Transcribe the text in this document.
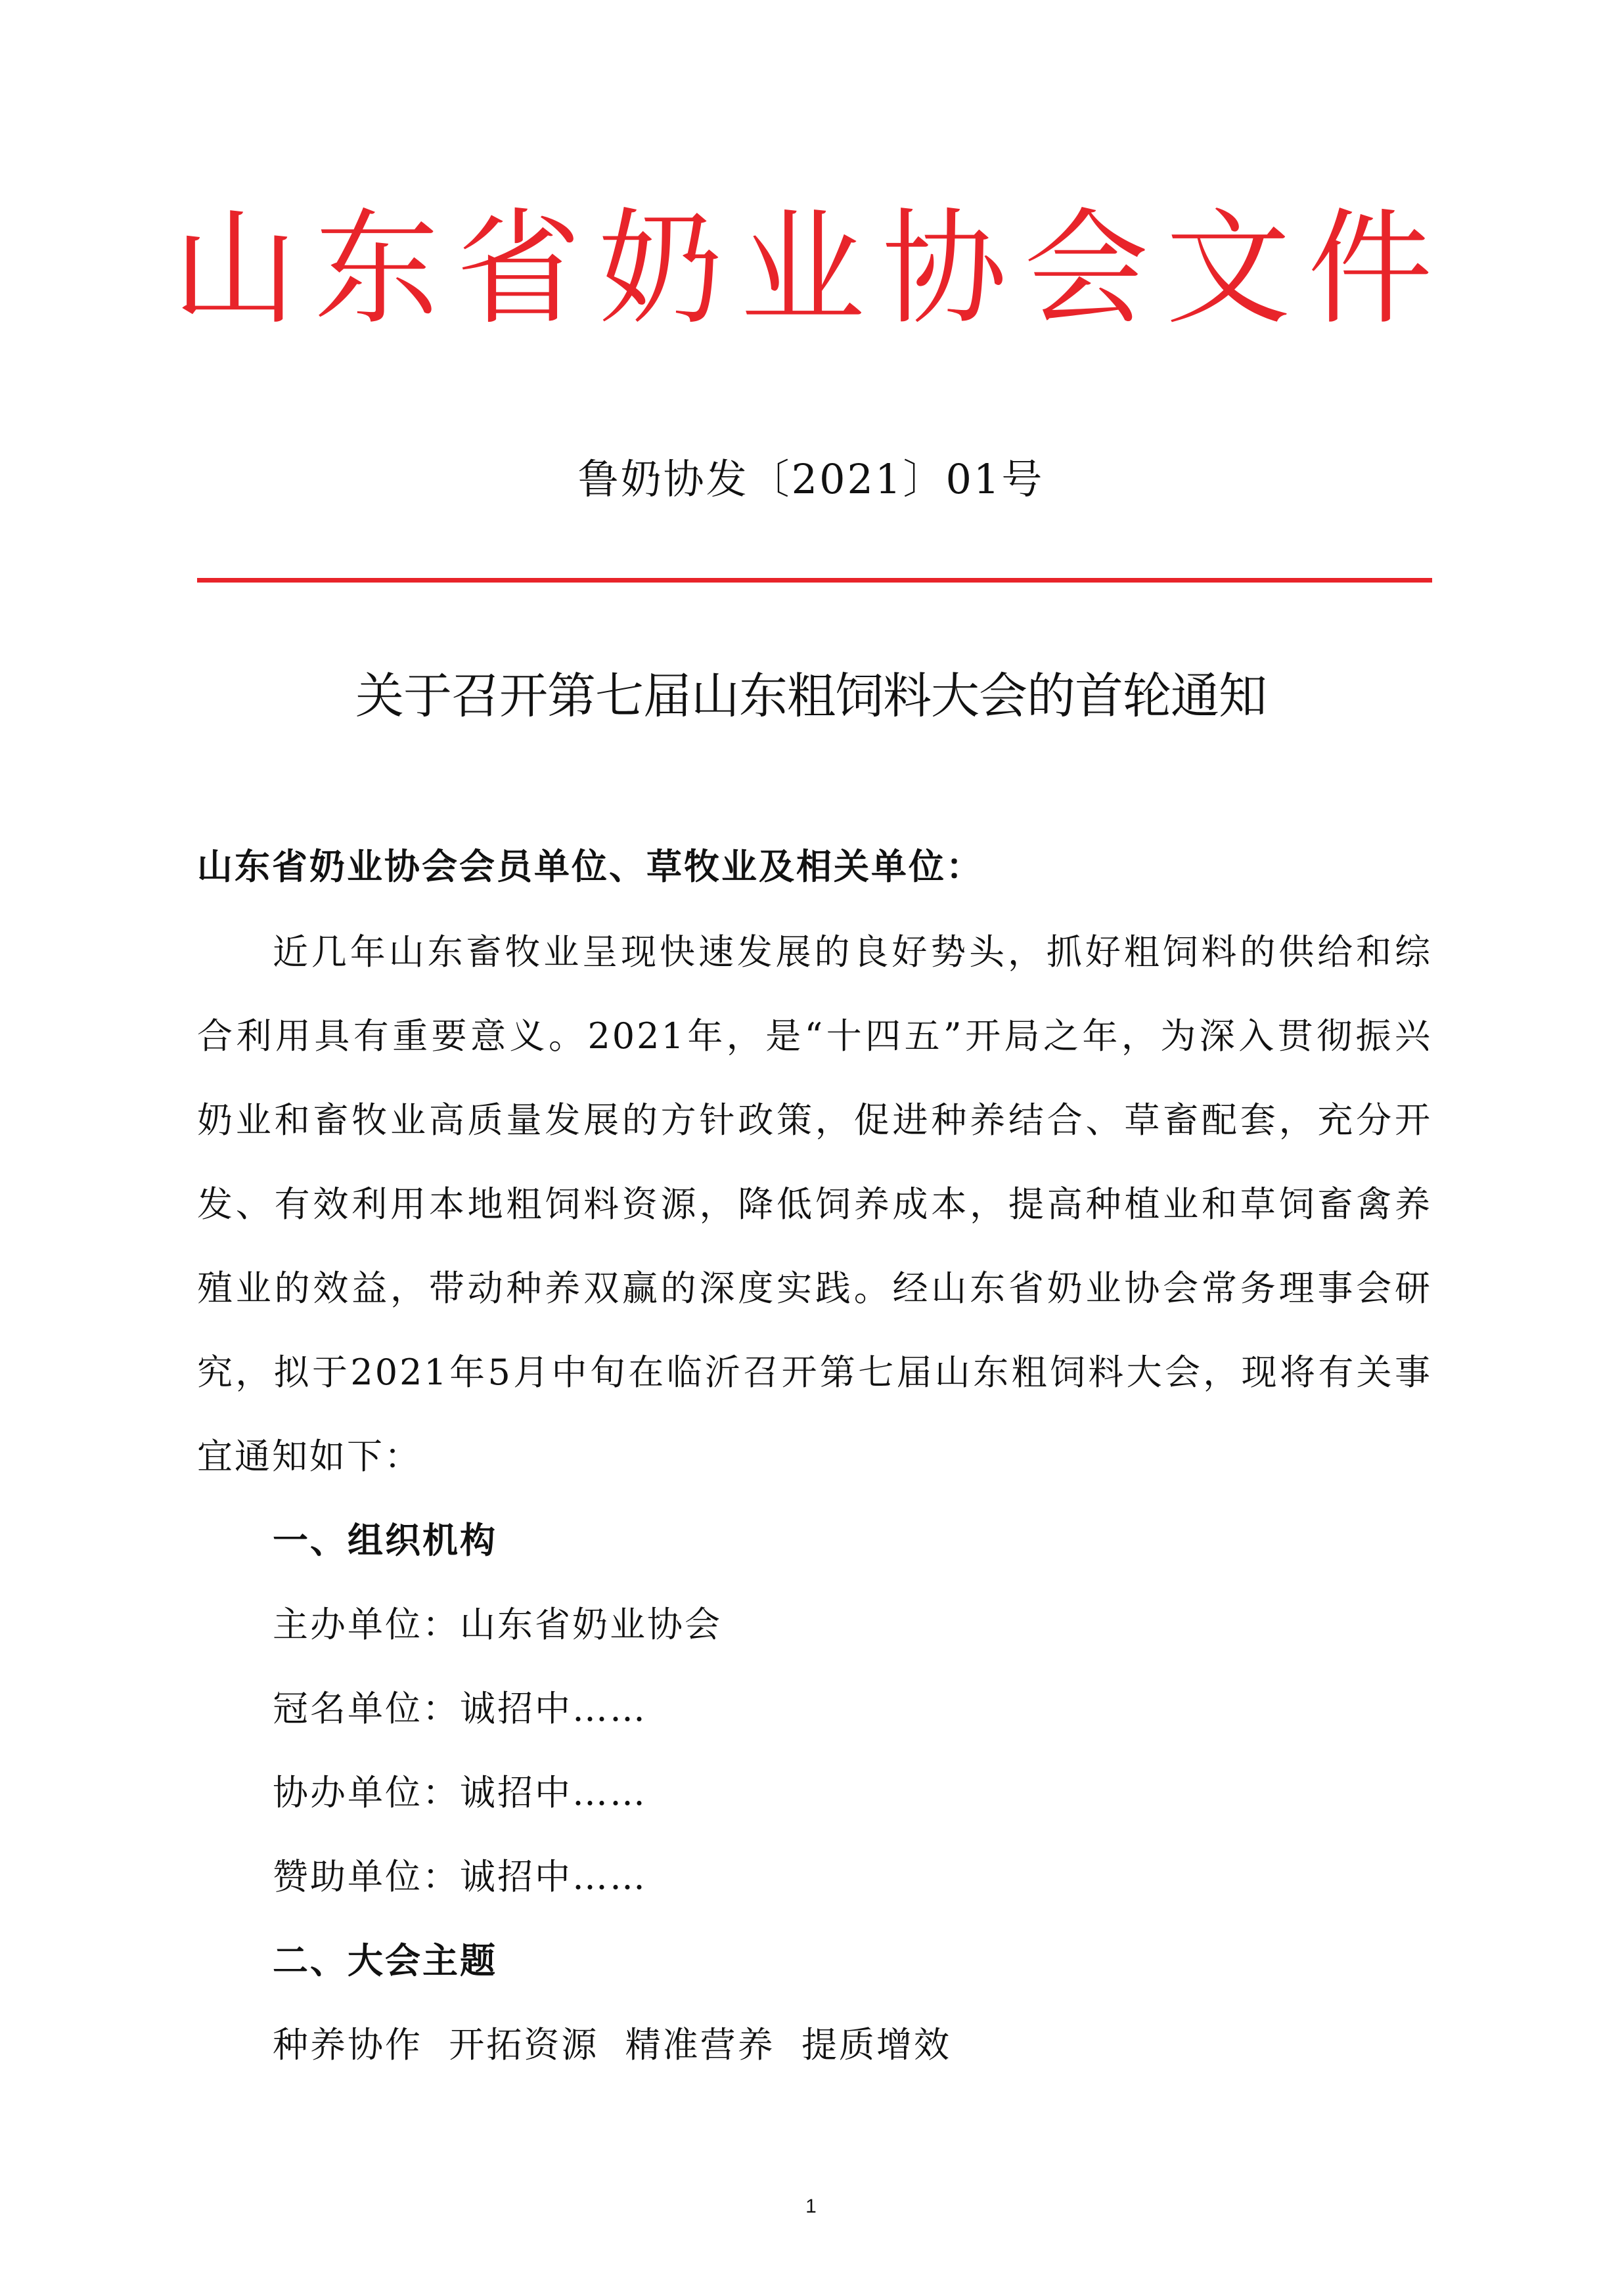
山东省奶业协会文件
鲁奶协发〔2021〕01号
关于召开第七届山东粗饲料大会的首轮通知
山东省奶业协会会员单位、草牧业及相关单位：
近几年山东畜牧业呈现快速发展的良好势头，抓好粗饲料的供给和综
合利用具有重要意义。2021年，是“十四五”开局之年，为深入贯彻振兴
奶业和畜牧业高质量发展的方针政策，促进种养结合、草畜配套，充分开
发、有效利用本地粗饲料资源，降低饲养成本，提高种植业和草饲畜禽养
殖业的效益，带动种养双赢的深度实践。经山东省奶业协会常务理事会研
究，拟于2021年5月中旬在临沂召开第七届山东粗饲料大会，现将有关事
宜通知如下：
一、组织机构
主办单位：山东省奶业协会
冠名单位：诚招中……
协办单位：诚招中……
赞助单位：诚招中……
二、大会主题
种养协作  开拓资源  精准营养  提质增效
1
